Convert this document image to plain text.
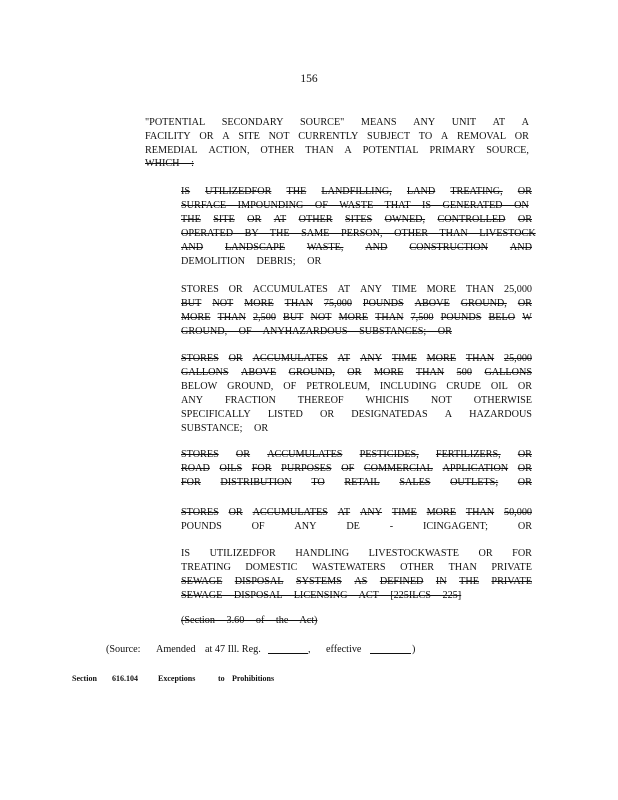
156
"POTENTIAL SECONDARY SOURCE" MEANS ANY UNIT AT A
FACILITY OR A SITE NOT CURRENTLY SUBJECT TO A REMOVAL OR
REMEDIAL ACTION, OTHER THAN A POTENTIAL PRIMARY SOURCE,
WHICH :
IS UTILIZEDFOR THE LANDFILLING, LAND TREATING, OR
SURFACE IMPOUNDING OF WASTE THAT IS GENERATED ON
THE SITE OR AT OTHER SITES OWNED, CONTROLLED OR
OPERATED BY THE SAME PERSON, OTHER THAN LIVESTOCK
AND LANDSCAPE WASTE, AND CONSTRUCTION AND
DEMOLITION DEBRIS; OR
STORES OR ACCUMULATES AT ANY TIME MORE THAN 25,000
BUT NOT MORE THAN 75,000 POUNDS ABOVE GROUND, OR
MORE THAN 2,500 BUT NOT MORE THAN 7,500 POUNDS BELO W
GROUND, OF ANYHAZARDOUS SUBSTANCES; OR
STORES OR ACCUMULATES AT ANY TIME MORE THAN 25,000
GALLONS ABOVE GROUND, OR MORE THAN 500 GALLONS
BELOW GROUND, OF PETROLEUM, INCLUDING CRUDE OIL OR
ANY FRACTION THEREOF WHICHIS NOT OTHERWISE
SPECIFICALLY LISTED OR DESIGNATEDAS A HAZARDOUS
SUBSTANCE; OR
STORES OR ACCUMULATES PESTICIDES, FERTILIZERS, OR
ROAD OILS FOR PURPOSES OF COMMERCIAL APPLICATION OR
FOR DISTRIBUTION TO RETAIL SALES OUTLETS; OR
STORES OR ACCUMULATES AT ANY TIME MORE THAN 50,000
POUNDS	OF	ANY	DE	-	ICINGAGENT;	OR
IS UTILIZEDFOR HANDLING LIVESTOCKWASTE OR FOR
TREATING DOMESTIC WASTEWATERS OTHER THAN PRIVATE
SEWAGE DISPOSAL SYSTEMS AS DEFINED IN THE PRIVATE
SEWAGE DISPOSAL LICENSING ACT [225ILCS 225]
(Section 3.60 of the Act)
(Source: Amended at 47 Ill. Reg.	, effective	)
Section 616.104	Exceptions	to Prohibitions
